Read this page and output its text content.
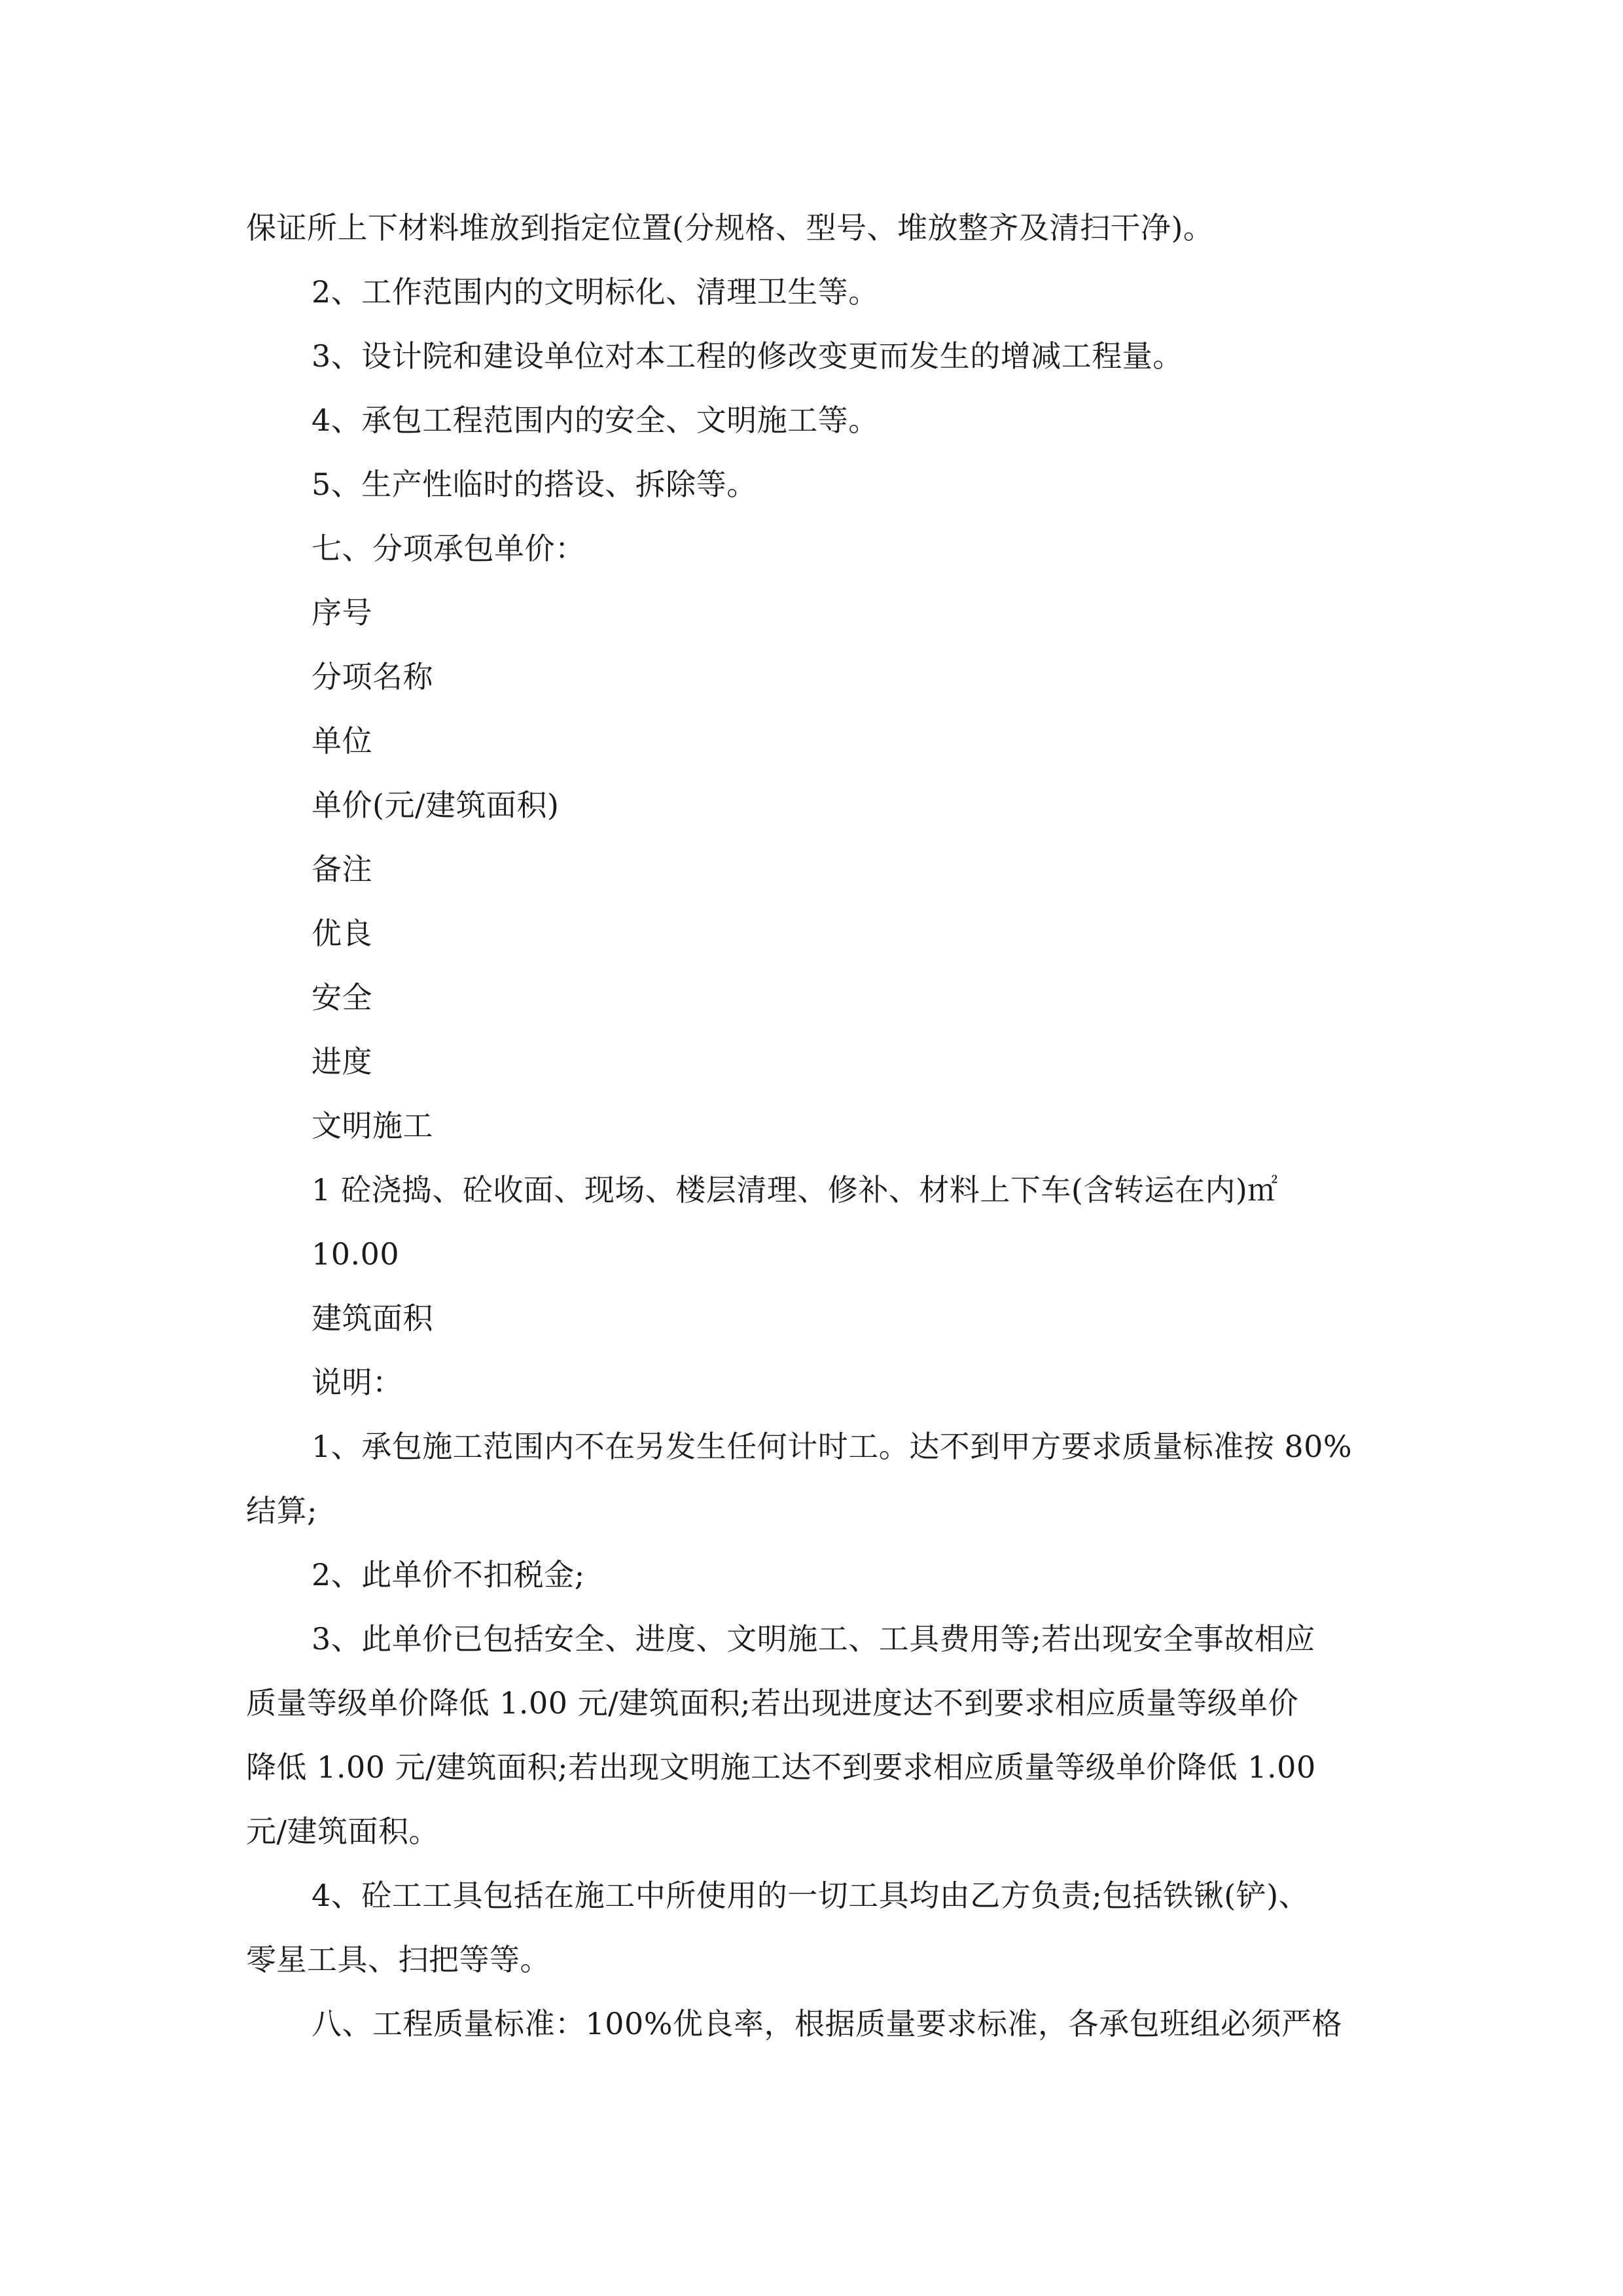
保证所上下材料堆放到指定位置(分规格、型号、堆放整齐及清扫干净)。
2、工作范围内的文明标化、清理卫生等。
3、设计院和建设单位对本工程的修改变更而发生的增减工程量。
4、承包工程范围内的安全、文明施工等。
5、生产性临时的搭设、拆除等。
七、分项承包单价：
序号
分项名称
单位
单价(元/建筑面积)
备注
优良
安全
进度
文明施工
1 砼浇捣、砼收面、现场、楼层清理、修补、材料上下车(含转运在内)㎡
10.00
建筑面积
说明：
1、承包施工范围内不在另发生任何计时工。达不到甲方要求质量标准按 80%
结算;
2、此单价不扣税金;
3、此单价已包括安全、进度、文明施工、工具费用等;若出现安全事故相应
质量等级单价降低 1.00 元/建筑面积;若出现进度达不到要求相应质量等级单价
降低 1.00 元/建筑面积;若出现文明施工达不到要求相应质量等级单价降低 1.00
元/建筑面积。
4、砼工工具包括在施工中所使用的一切工具均由乙方负责;包括铁锹(铲)、
零星工具、扫把等等。
八、工程质量标准：100%优良率，根据质量要求标准，各承包班组必须严格
